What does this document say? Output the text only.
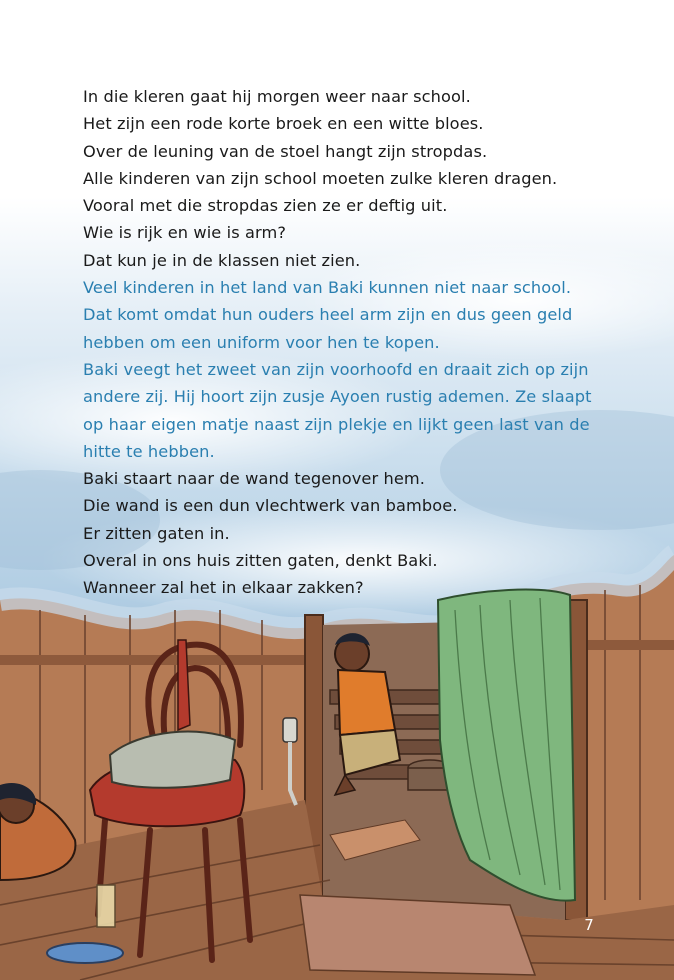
In die kleren gaat hij morgen weer naar school.
Het zijn een rode korte broek en een witte bloes.
Over de leuning van de stoel hangt zijn stropdas.
Alle kinderen van zijn school moeten zulke kleren dragen.
Vooral met die stropdas zien ze er deftig uit.
Wie is rijk en wie is arm?
Dat kun je in de klassen niet zien.
Veel kinderen in het land van Baki kunnen niet naar school.
Dat komt omdat hun ouders heel arm zijn en dus geen geld
hebben om een uniform voor hen te kopen.
Baki veegt het zweet van zijn voorhoofd en draait zich op zijn
andere zij. Hij hoort zijn zusje Ayoen rustig ademen. Ze slaapt
op haar eigen matje naast zijn plekje en lijkt geen last van de
hitte te hebben.
Baki staart naar de wand tegenover hem.
Die wand is een dun vlechtwerk van bamboe.
Er zitten gaten in.
Overal in ons huis zitten gaten, denkt Baki.
Wanneer zal het in elkaar zakken?
7
